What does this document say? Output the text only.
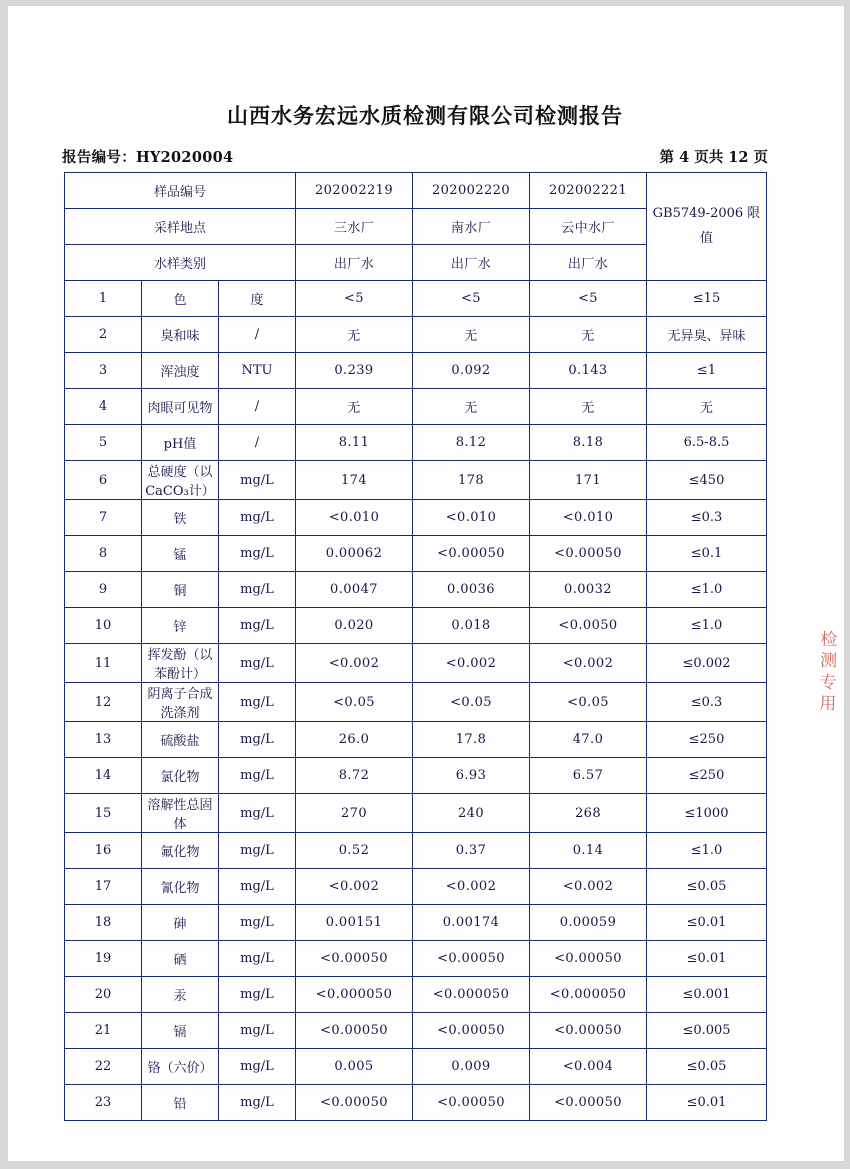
山西水务宏远水质检测有限公司检测报告
报告编号：HY2020004	第 4 页共 12 页
样品编号			202002219	202002220	202002221	GB5749-2006 限值
采样地点			三水厂	南水厂	云中水厂	
水样类别			出厂水	出厂水	出厂水	
1	色	度	<5	<5	<5	≤15
2	臭和味	/	无	无	无	无异臭、异味
3	浑浊度	NTU	0.239	0.092	0.143	≤1
4	肉眼可见物	/	无	无	无	无
5	pH值	/	8.11	8.12	8.18	6.5-8.5
6	总硬度（以CaCO₃计）	mg/L	174	178	171	≤450
7	铁	mg/L	<0.010	<0.010	<0.010	≤0.3
8	锰	mg/L	0.00062	<0.00050	<0.00050	≤0.1
9	铜	mg/L	0.0047	0.0036	0.0032	≤1.0
10	锌	mg/L	0.020	0.018	<0.0050	≤1.0
11	挥发酚（以苯酚计）	mg/L	<0.002	<0.002	<0.002	≤0.002
12	阴离子合成洗涤剂	mg/L	<0.05	<0.05	<0.05	≤0.3
13	硫酸盐	mg/L	26.0	17.8	47.0	≤250
14	氯化物	mg/L	8.72	6.93	6.57	≤250
15	溶解性总固体	mg/L	270	240	268	≤1000
16	氟化物	mg/L	0.52	0.37	0.14	≤1.0
17	氰化物	mg/L	<0.002	<0.002	<0.002	≤0.05
18	砷	mg/L	0.00151	0.00174	0.00059	≤0.01
19	硒	mg/L	<0.00050	<0.00050	<0.00050	≤0.01
20	汞	mg/L	<0.000050	<0.000050	<0.000050	≤0.001
21	镉	mg/L	<0.00050	<0.00050	<0.00050	≤0.005
22	铬（六价）	mg/L	0.005	0.009	<0.004	≤0.05
23	铅	mg/L	<0.00050	<0.00050	<0.00050	≤0.01
检测专用
